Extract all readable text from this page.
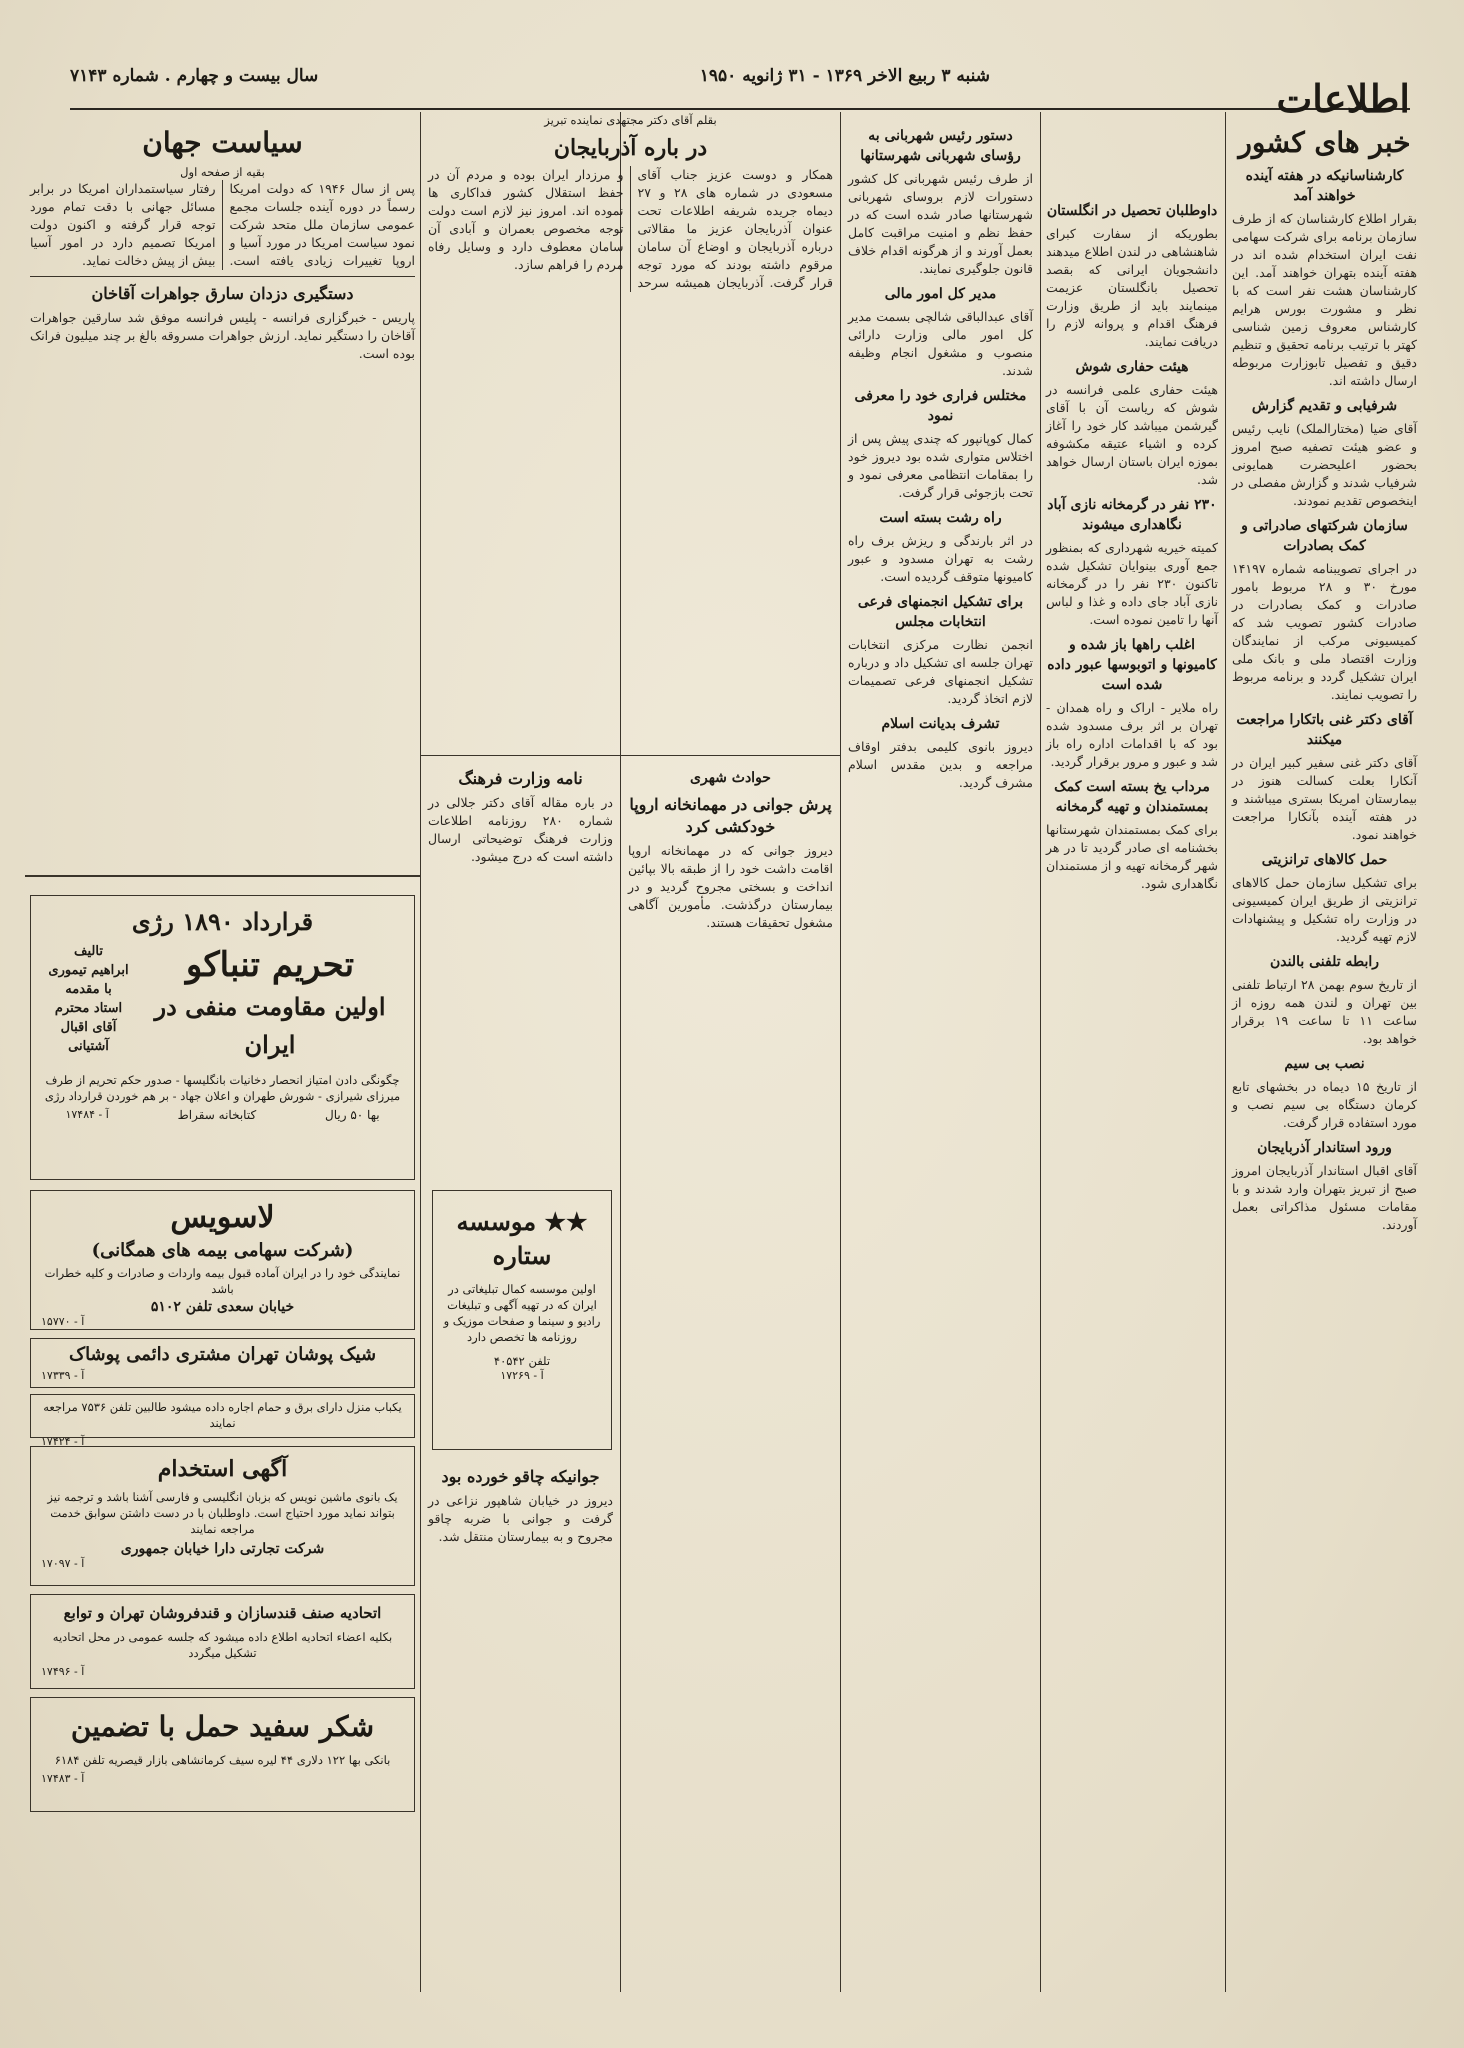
اطلاعات
شنبه ۳ ربیع الاخر ۱۳۶۹ - ۳۱ ژانویه ۱۹۵۰
سال بیست و چهارم . شماره ۷۱۴۳
خبر های کشور
کارشناسانیکه در هفته آینده خواهند آمد
بقرار اطلاع کارشناسان که از طرف سازمان برنامه برای شرکت سهامی نفت ایران استخدام شده اند در هفته آینده بتهران خواهند آمد. این کارشناسان هشت نفر است که با نظر و مشورت بورس هرایم کارشناس معروف زمین شناسی کهتر با ترتیب برنامه تحقیق و تنظیم دقیق و تفصیل تابوزارت مربوطه ارسال داشته اند.
شرفیابی و تقدیم گزارش
آقای ضیا (مختارالملک) نایب رئیس و عضو هیئت تصفیه صبح امروز بحضور اعلیحضرت همایونی شرفیاب شدند و گزارش مفصلی در اینخصوص تقدیم نمودند.
سازمان شرکتهای صادراتی و کمک بصادرات
در اجرای تصویبنامه شماره ۱۴۱۹۷ مورخ ۳۰ و ۲۸ مربوط بامور صادرات و کمک بصادرات در صادرات کشور تصویب شد که کمیسیونی مرکب از نمایندگان وزارت اقتصاد ملی و بانک ملی ایران تشکیل گردد و برنامه مربوط را تصویب نمایند.
آقای دکتر غنی باتکارا مراجعت میکنند
آقای دکتر غنی سفیر کبیر ایران در آنکارا بعلت کسالت هنوز در بیمارستان امریکا بستری میباشند و در هفته آینده بآنکارا مراجعت خواهند نمود.
حمل کالاهای ترانزیتی
برای تشکیل سازمان حمل کالاهای ترانزیتی از طریق ایران کمیسیونی در وزارت راه تشکیل و پیشنهادات لازم تهیه گردید.
رابطه تلفنی بالندن
از تاریخ سوم بهمن ۲۸ ارتباط تلفنی بین تهران و لندن همه روزه از ساعت ۱۱ تا ساعت ۱۹ برقرار خواهد بود.
نصب بی سیم
از تاریخ ۱۵ دیماه در بخشهای تابع کرمان دستگاه بی سیم نصب و مورد استفاده قرار گرفت.
ورود استاندار آذربایجان
آقای اقبال استاندار آذربایجان امروز صبح از تبریز بتهران وارد شدند و با مقامات مسئول مذاکراتی بعمل آوردند.
داوطلبان تحصیل در انگلستان
بطوریکه از سفارت کبرای شاهنشاهی در لندن اطلاع میدهند دانشجویان ایرانی که بقصد تحصیل بانگلستان عزیمت مینمایند باید از طریق وزارت فرهنگ اقدام و پروانه لازم را دریافت نمایند.
هیئت حفاری شوش
هیئت حفاری علمی فرانسه در شوش که ریاست آن با آقای گیرشمن میباشد کار خود را آغاز کرده و اشیاء عتیقه مکشوفه بموزه ایران باستان ارسال خواهد شد.
۲۳۰ نفر در گرمخانه نازی آباد نگاهداری میشوند
کمیته خیریه شهرداری که بمنظور جمع آوری بینوایان تشکیل شده تاکنون ۲۳۰ نفر را در گرمخانه نازی آباد جای داده و غذا و لباس آنها را تامین نموده است.
اغلب راهها باز شده و کامیونها و اتوبوسها عبور داده شده است
راه ملایر - اراک و راه همدان - تهران بر اثر برف مسدود شده بود که با اقدامات اداره راه باز شد و عبور و مرور برقرار گردید.
مرداب یخ بسته است کمک بمستمندان و تهیه گرمخانه
برای کمک بمستمندان شهرستانها بخشنامه ای صادر گردید تا در هر شهر گرمخانه تهیه و از مستمندان نگاهداری شود.
دستور رئیس شهربانی به رؤسای شهربانی شهرستانها
از طرف رئیس شهربانی کل کشور دستورات لازم بروسای شهربانی شهرستانها صادر شده است که در حفظ نظم و امنیت مراقبت کامل بعمل آورند و از هرگونه اقدام خلاف قانون جلوگیری نمایند.
مدیر کل امور مالی
آقای عبدالباقی شالچی بسمت مدیر کل امور مالی وزارت دارائی منصوب و مشغول انجام وظیفه شدند.
مختلس فراری خود را معرفی نمود
کمال کوپانپور که چندی پیش پس از اختلاس متواری شده بود دیروز خود را بمقامات انتظامی معرفی نمود و تحت بازجوئی قرار گرفت.
راه رشت بسته است
در اثر بارندگی و ریزش برف راه رشت به تهران مسدود و عبور کامیونها متوقف گردیده است.
برای تشکیل انجمنهای فرعی انتخابات مجلس
انجمن نظارت مرکزی انتخابات تهران جلسه ای تشکیل داد و درباره تشکیل انجمنهای فرعی تصمیمات لازم اتخاذ گردید.
تشرف بدیانت اسلام
دیروز بانوی کلیمی بدفتر اوقاف مراجعه و بدین مقدس اسلام مشرف گردید.
بقلم آقای دکتر مجتهدی نماینده تبریز
در باره آذربایجان
همکار و دوست عزیز جناب آقای مسعودی در شماره های ۲۸ و ۲۷ دیماه جریده شریفه اطلاعات تحت عنوان آذربایجان عزیز ما مقالاتی درباره آذربایجان و اوضاع آن سامان مرقوم داشته بودند که مورد توجه قرار گرفت. آذربایجان همیشه سرحد و مرزدار ایران بوده و مردم آن در حفظ استقلال کشور فداکاری ها نموده اند. امروز نیز لازم است دولت توجه مخصوص بعمران و آبادی آن سامان معطوف دارد و وسایل رفاه مردم را فراهم سازد.
حوادث شهری
پرش جوانی در مهمانخانه اروپا خودکشی کرد
دیروز جوانی که در مهمانخانه اروپا اقامت داشت خود را از طبقه بالا بپائین انداخت و بسختی مجروح گردید و در بیمارستان درگذشت. مأمورین آگاهی مشغول تحقیقات هستند.
نامه وزارت فرهنگ
در باره مقاله آقای دکتر جلالی در شماره ۲۸۰ روزنامه اطلاعات وزارت فرهنگ توضیحاتی ارسال داشته است که درج میشود.
★★ موسسه ستاره
اولین موسسه کمال تبلیغاتی در ایران که در تهیه آگهی و تبلیغات رادیو و سینما و صفحات موزیک و روزنامه ها تخصص دارد
تلفن ۴۰۵۴۲
آ - ۱۷۲۶۹
جوانیکه چاقو خورده بود
دیروز در خیابان شاهپور نزاعی در گرفت و جوانی با ضربه چاقو مجروح و به بیمارستان منتقل شد.
سیاست جهان
بقیه از صفحه اول
پس از سال ۱۹۴۶ که دولت امریکا رسماً در دوره آینده جلسات مجمع عمومی سازمان ملل متحد شرکت نمود سیاست امریکا در مورد آسیا و اروپا تغییرات زیادی یافته است. رفتار سیاستمداران امریکا در برابر مسائل جهانی با دقت تمام مورد توجه قرار گرفته و اکنون دولت امریکا تصمیم دارد در امور آسیا بیش از پیش دخالت نماید.
دستگیری دزدان سارق جواهرات آقاخان
پاریس - خبرگزاری فرانسه - پلیس فرانسه موفق شد سارقین جواهرات آقاخان را دستگیر نماید. ارزش جواهرات مسروقه بالغ بر چند میلیون فرانک بوده است.
قرارداد ۱۸۹۰ رژی
تحریم تنباکو
اولین مقاومت منفی در ایران
تالیف
ابراهیم تیموری
با مقدمه
استاد محترم آقای اقبال آشتیانی
چگونگی دادن امتیاز انحصار دخانیات بانگلیسها - صدور حکم تحریم از طرف میرزای شیرازی - شورش طهران و اعلان جهاد - بر هم خوردن قرارداد رژی
بها ۵۰ ریال
کتابخانه سقراط
آ - ۱۷۴۸۴
لاسویس
(شرکت سهامی بیمه های همگانی)
نمایندگی خود را در ایران آماده قبول بیمه واردات و صادرات و کلیه خطرات باشد
خیابان سعدی تلفن ۵۱۰۲
آ - ۱۵۷۷۰
شیک پوشان تهران مشتری دائمی پوشاک
آ - ۱۷۳۳۹
یکباب منزل دارای برق و حمام اجاره داده میشود طالبین تلفن ۷۵۳۶ مراجعه نمایند
آ - ۱۷۴۲۴
آگهی استخدام
یک بانوی ماشین نویس که بزبان انگلیسی و فارسی آشنا باشد و ترجمه نیز بتواند نماید مورد احتیاج است. داوطلبان با در دست داشتن سوابق خدمت مراجعه نمایند
شرکت تجارتی دارا خیابان جمهوری
آ - ۱۷۰۹۷
اتحادیه صنف قندسازان و قندفروشان تهران و توابع
بکلیه اعضاء اتحادیه اطلاع داده میشود که جلسه عمومی در محل اتحادیه تشکیل میگردد
آ - ۱۷۴۹۶
شکر سفید حمل با تضمین
بانکی بها ۱۲۲ دلاری ۴۴ لیره سیف کرمانشاهی بازار قیصریه تلفن ۶۱۸۴
آ - ۱۷۴۸۳
